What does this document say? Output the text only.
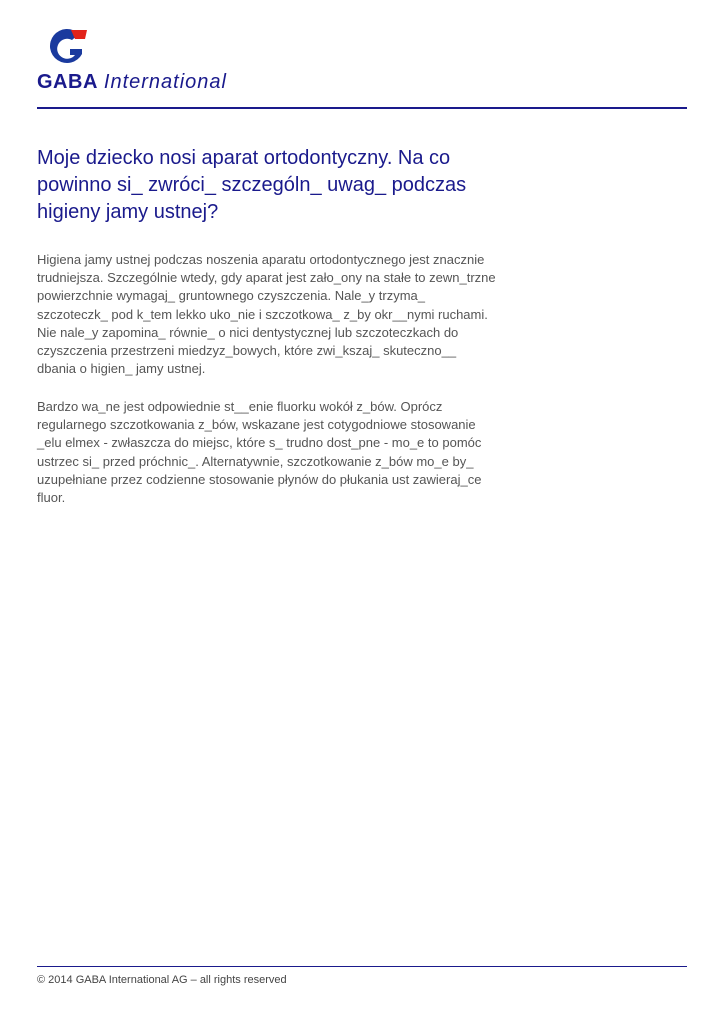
GABA International
Moje dziecko nosi aparat ortodontyczny. Na co powinno si_ zwróci_ szczególn_ uwag_ podczas higieny jamy ustnej?

Higiena jamy ustnej podczas noszenia aparatu ortodontycznego jest znacznie trudniejsza. Szczególnie wtedy, gdy aparat jest zało_ony na stałe to zewn_trzne powierzchnie wymagaj_ gruntownego czyszczenia. Nale_y trzyma_ szczoteczk_ pod k_tem lekko uko_nie i szczotkowa_ z_by okr__nymi ruchami. Nie nale_y zapomina_ równie_ o nici dentystycznej lub szczoteczkach do czyszczenia przestrzeni miedzyz_bowych, które zwi_kszaj_ skuteczno__ dbania o higien_ jamy ustnej.

Bardzo wa_ne jest odpowiednie st__enie fluorku wokół z_bów. Oprócz regularnego szczotkowania z_bów, wskazane jest cotygodniowe stosowanie _elu elmex - zwłaszcza do miejsc, które s_ trudno dost_pne - mo_e to pomóc ustrzec si_ przed próchnic_. Alternatywnie, szczotkowanie z_bów mo_e by_ uzupełniane przez codzienne stosowanie płynów do płukania ust zawieraj_ce fluor.

© 2014 GABA International AG – all rights reserved
